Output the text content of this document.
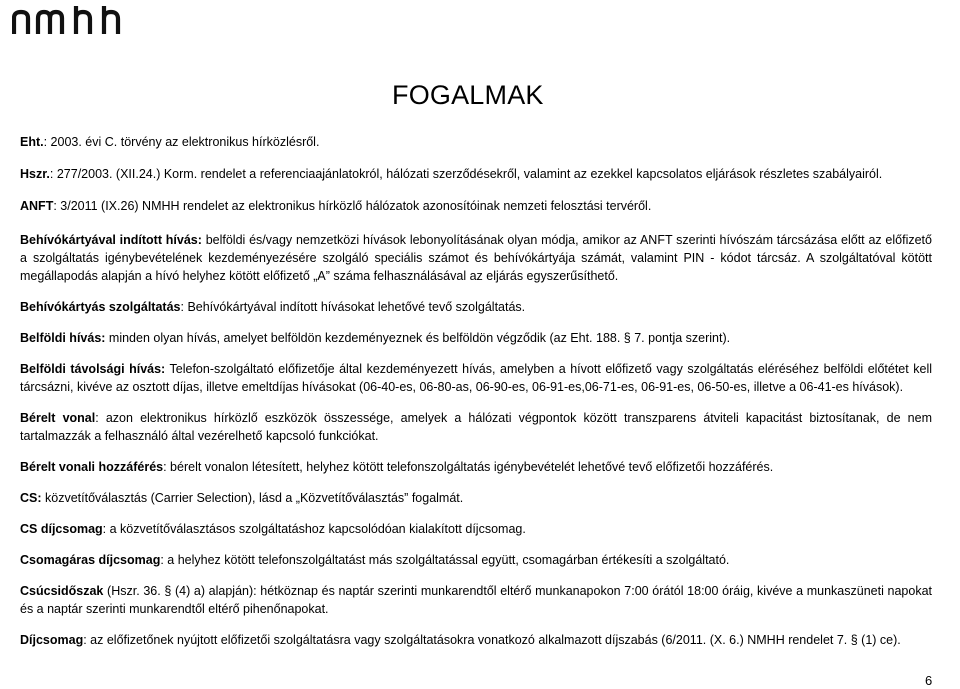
FOGALMAK

Eht.: 2003. évi C. törvény az elektronikus hírközlésről.

Hszr.: 277/2003. (XII.24.) Korm. rendelet a referenciaajánlatokról, hálózati szerződésekről, valamint az ezekkel kapcsolatos eljárások részletes szabályairól.

ANFT: 3/2011 (IX.26) NMHH rendelet az elektronikus hírközlő hálózatok azonosítóinak nemzeti felosztási tervéről.

Behívókártyával indított hívás: belföldi és/vagy nemzetközi hívások lebonyolításának olyan módja, amikor az ANFT szerinti hívószám tárcsázása előtt az előfizető a szolgáltatás igénybevételének kezdeményezésére szolgáló speciális számot és behívókártyája számát, valamint PIN - kódot tárcsáz. A szolgáltatóval kötött megállapodás alapján a hívó helyhez kötött előfizető „A” száma felhasználásával az eljárás egyszerűsíthető.

Behívókártyás szolgáltatás: Behívókártyával indított hívásokat lehetővé tevő szolgáltatás.

Belföldi hívás: minden olyan hívás, amelyet belföldön kezdeményeznek és belföldön végződik (az Eht. 188. § 7. pontja szerint).

Belföldi távolsági hívás: Telefon-szolgáltató előfizetője által kezdeményezett hívás, amelyben a hívott előfizető vagy szolgáltatás eléréséhez belföldi előtétet kell tárcsázni, kivéve az osztott díjas, illetve emeltdíjas hívásokat (06-40-es, 06-80-as, 06-90-es, 06-91-es,06-71-es, 06-91-es, 06-50-es, illetve a 06-41-es hívások).

Bérelt vonal: azon elektronikus hírközlő eszközök összessége, amelyek a hálózati végpontok között transzparens átviteli kapacitást biztosítanak, de nem tartalmazzák a felhasználó által vezérelhető kapcsoló funkciókat.

Bérelt vonali hozzáférés: bérelt vonalon létesített, helyhez kötött telefonszolgáltatás igénybevételét lehetővé tevő előfizetői hozzáférés.

CS: közvetítőválasztás (Carrier Selection), lásd a „Közvetítőválasztás” fogalmát.

CS díjcsomag: a közvetítőválasztásos szolgáltatáshoz kapcsolódóan kialakított díjcsomag.

Csomagáras díjcsomag: a helyhez kötött telefonszolgáltatást más szolgáltatással együtt, csomagárban értékesíti a szolgáltató.

Csúcsidőszak (Hszr. 36. § (4) a) alapján): hétköznap és naptár szerinti munkarendtől eltérő munkanapokon 7:00 órától 18:00 óráig, kivéve a munkaszüneti napokat és a naptár szerinti munkarendtől eltérő pihenőnapokat.

Díjcsomag: az előfizetőnek nyújtott előfizetői szolgáltatásra vagy szolgáltatásokra vonatkozó alkalmazott díjszabás (6/2011. (X. 6.) NMHH rendelet 7. § (1) ce).

6
